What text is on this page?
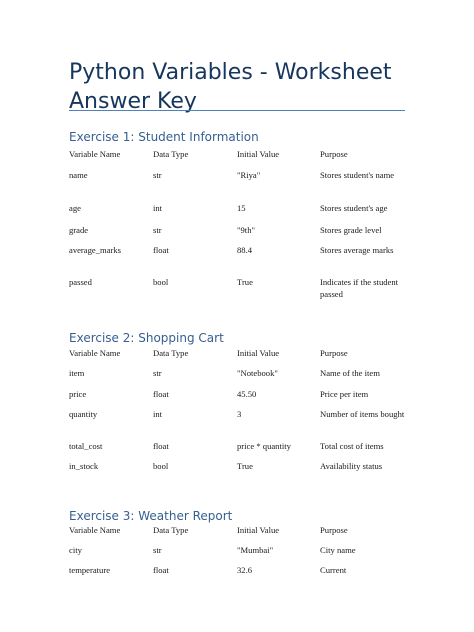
Python Variables - Worksheet Answer Key
Exercise 1: Student Information
Variable Name	Data Type	Initial Value	Purpose
name	str	"Riya"	Stores student's name
age	int	15	Stores student's age
grade	str	"9th"	Stores grade level
average_marks	float	88.4	Stores average marks
passed	bool	True	Indicates if the student passed
Exercise 2: Shopping Cart
Variable Name	Data Type	Initial Value	Purpose
item	str	"Notebook"	Name of the item
price	float	45.50	Price per item
quantity	int	3	Number of items bought
total_cost	float	price * quantity	Total cost of items
in_stock	bool	True	Availability status
Exercise 3: Weather Report
Variable Name	Data Type	Initial Value	Purpose
city	str	"Mumbai"	City name
temperature	float	32.6	Current
